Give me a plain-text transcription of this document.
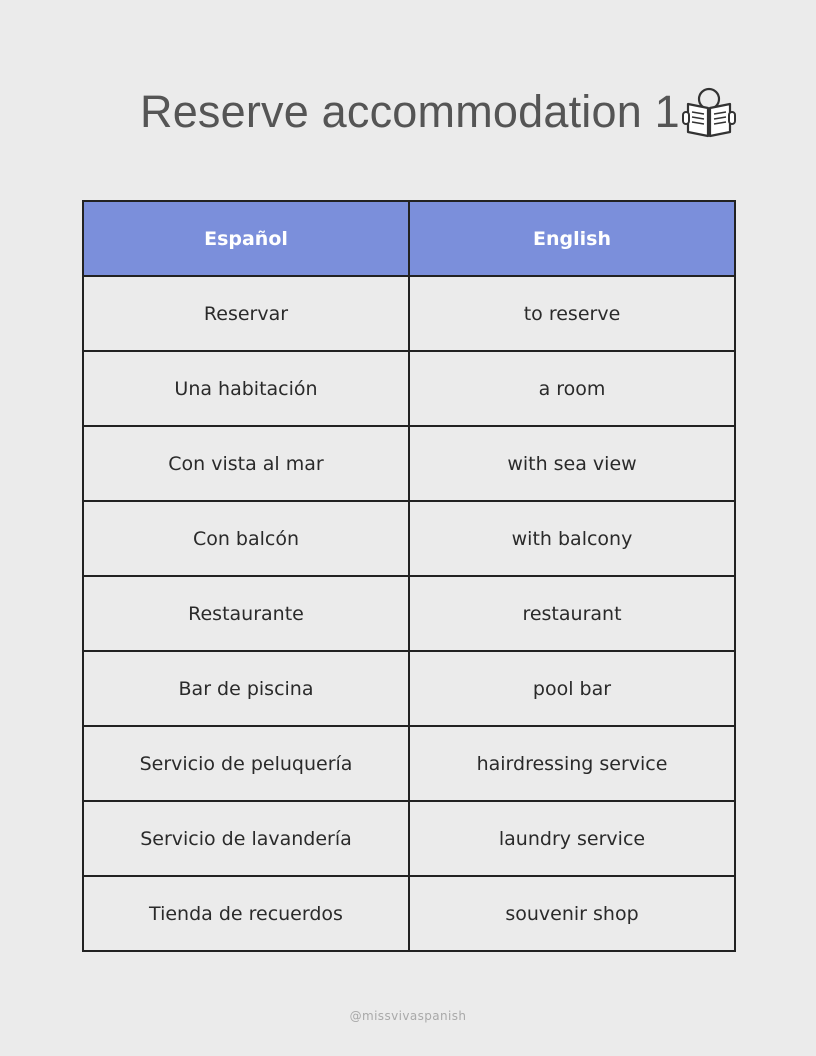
Reserve accommodation 1
Español	English
Reservar	to reserve
Una habitación	a room
Con vista al mar	with sea view
Con balcón	with balcony
Restaurante	restaurant
Bar de piscina	pool bar
Servicio de peluquería	hairdressing service
Servicio de lavandería	laundry service
Tienda de recuerdos	souvenir shop
@missvivaspanish
